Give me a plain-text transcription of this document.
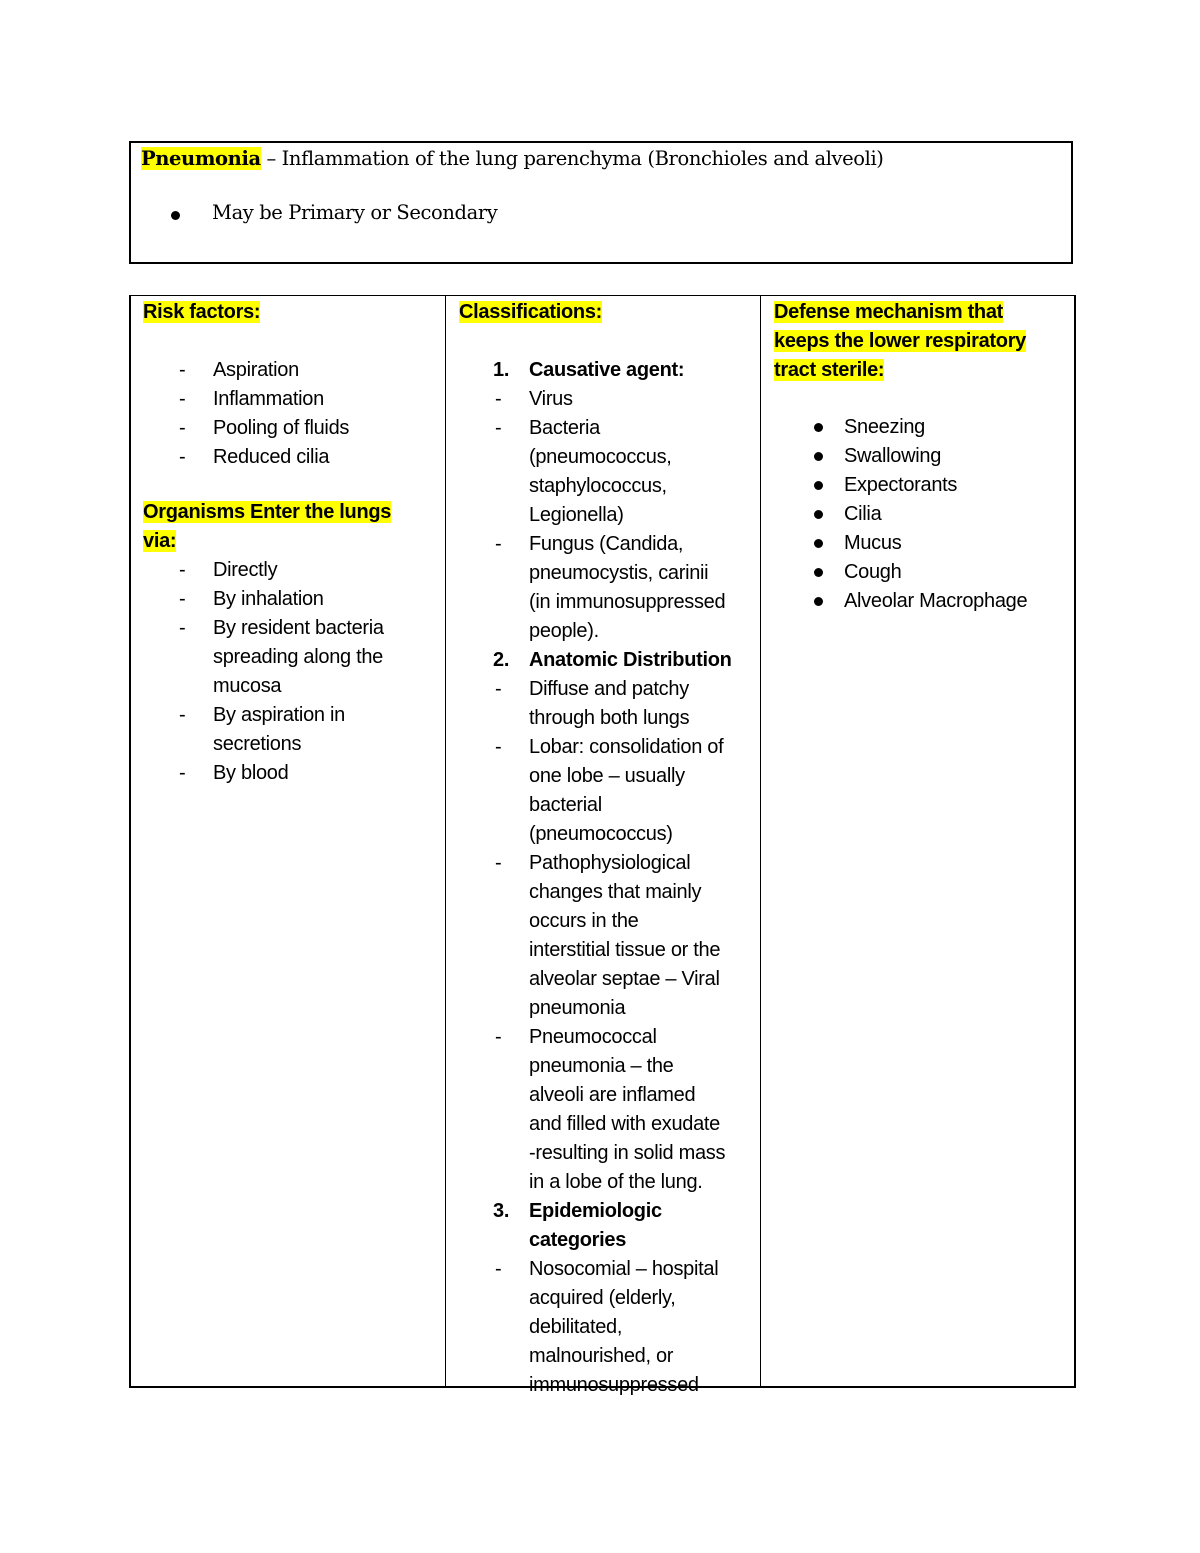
Pneumonia – Inflammation of the lung parenchyma (Bronchioles and alveoli)
May be Primary or Secondary
Risk factors:
- Aspiration
- Inflammation
- Pooling of fluids
- Reduced cilia
Organisms Enter the lungs
via:
- Directly
- By inhalation
- By resident bacteria
spreading along the
mucosa
- By aspiration in
secretions
- By blood
Classifications:
1. Causative agent:
- Virus
- Bacteria
(pneumococcus,
staphylococcus,
Legionella)
- Fungus (Candida,
pneumocystis, carinii
(in immunosuppressed
people).
2. Anatomic Distribution
- Diffuse and patchy
through both lungs
- Lobar: consolidation of
one lobe – usually
bacterial
(pneumococcus)
- Pathophysiological
changes that mainly
occurs in the
interstitial tissue or the
alveolar septae – Viral
pneumonia
- Pneumococcal
pneumonia – the
alveoli are inflamed
and filled with exudate
-resulting in solid mass
in a lobe of the lung.
3. Epidemiologic
categories
- Nosocomial – hospital
acquired (elderly,
debilitated,
malnourished, or
immunosuppressed
Defense mechanism that
keeps the lower respiratory
tract sterile:
Sneezing
Swallowing
Expectorants
Cilia
Mucus
Cough
Alveolar Macrophage
